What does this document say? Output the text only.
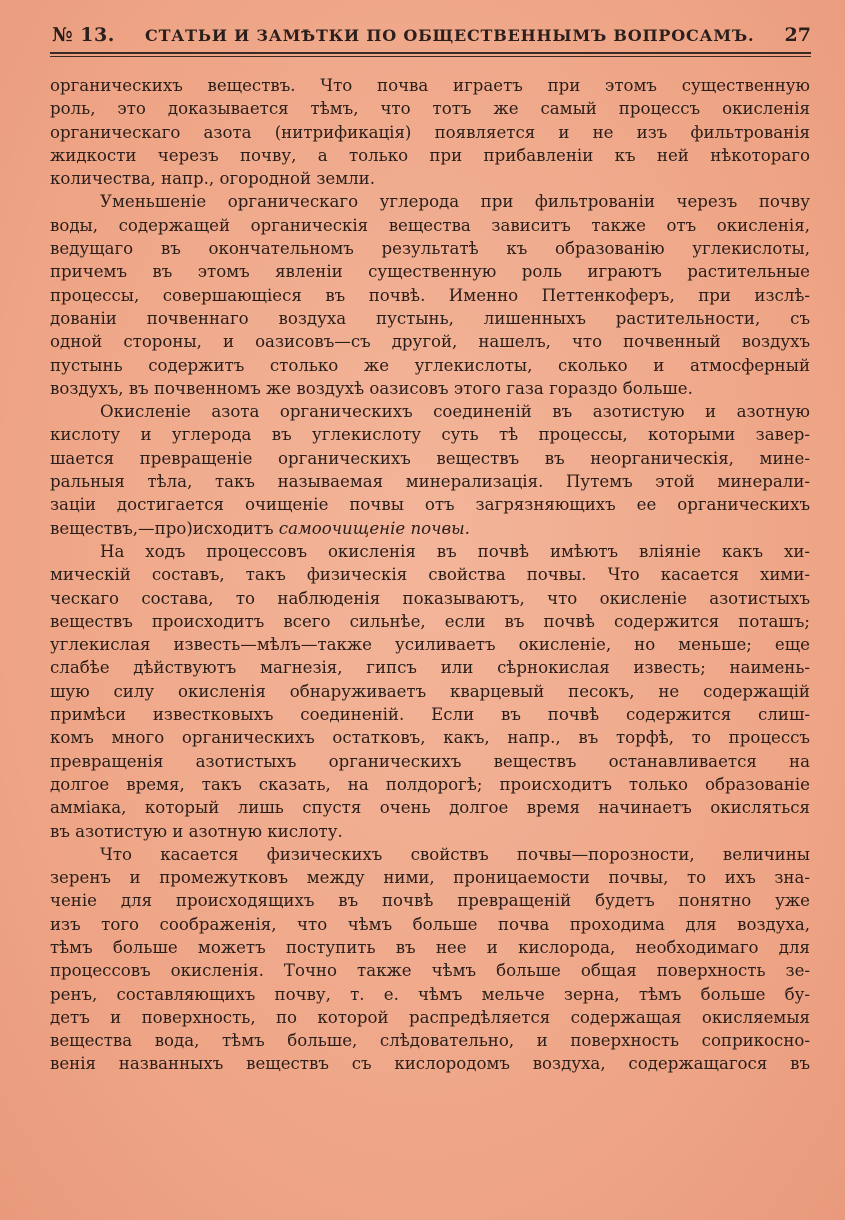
№ 13. СТАТЬИ И ЗАМѢТКИ ПО ОБЩЕСТВЕННЫМЪ ВОПРОСАМЪ. 27
органическихъ веществъ. Что почва играетъ при этомъ существенную
роль, это доказывается тѣмъ, что тотъ же самый процессъ окисленія
органическаго азота (нитрификація) появляется и не изъ фильтрованія
жидкости черезъ почву, а только при прибавленіи къ ней нѣкотораго
количества, напр., огородной земли.
Уменьшеніе органическаго углерода при фильтрованіи черезъ почву
воды, содержащей органическія вещества зависитъ также отъ окисленія,
ведущаго въ окончательномъ результатѣ къ образованію углекислоты,
причемъ въ этомъ явленіи существенную роль играютъ растительные
процессы, совершающіеся въ почвѣ. Именно Петтенкоферъ, при изслѣ-
дованіи почвеннаго воздуха пустынь, лишенныхъ растительности, съ
одной стороны, и оазисовъ—съ другой, нашелъ, что почвенный воздухъ
пустынь содержитъ столько же углекислоты, сколько и атмосферный
воздухъ, въ почвенномъ же воздухѣ оазисовъ этого газа гораздо больше.
Окисленіе азота органическихъ соединеній въ азотистую и азотную
кислоту и углерода въ углекислоту суть тѣ процессы, которыми завер-
шается превращеніе органическихъ веществъ въ неорганическія, мине-
ральныя тѣла, такъ называемая минерализація. Путемъ этой минерали-
заціи достигается очищеніе почвы отъ загрязняющихъ ее органическихъ
веществъ,—про)исходитъ самоочищеніе почвы.
На ходъ процессовъ окисленія въ почвѣ имѣютъ вліяніе какъ хи-
мическій составъ, такъ физическія свойства почвы. Что касается хими-
ческаго состава, то наблюденія показываютъ, что окисленіе азотистыхъ
веществъ происходитъ всего сильнѣе, если въ почвѣ содержится поташъ;
углекислая известь—мѣлъ—также усиливаетъ окисленіе, но меньше; еще
слабѣе дѣйствуютъ магнезія, гипсъ или сѣрнокислая известь; наимень-
шую силу окисленія обнаруживаетъ кварцевый песокъ, не содержащій
примѣси известковыхъ соединеній. Если въ почвѣ содержится слиш-
комъ много органическихъ остатковъ, какъ, напр., въ торфѣ, то процессъ
превращенія азотистыхъ органическихъ веществъ останавливается на
долгое время, такъ сказать, на полдорогѣ; происходитъ только образованіе
амміака, который лишь спустя очень долгое время начинаетъ окисляться
въ азотистую и азотную кислоту.
Что касается физическихъ свойствъ почвы—порозности, величины
зеренъ и промежутковъ между ними, проницаемости почвы, то ихъ зна-
ченіе для происходящихъ въ почвѣ превращеній будетъ понятно уже
изъ того соображенія, что чѣмъ больше почва проходима для воздуха,
тѣмъ больше можетъ поступить въ нее и кислорода, необходимаго для
процессовъ окисленія. Точно также чѣмъ больше общая поверхность зе-
ренъ, составляющихъ почву, т. е. чѣмъ мельче зерна, тѣмъ больше бу-
детъ и поверхность, по которой распредѣляется содержащая окисляемыя
вещества вода, тѣмъ больше, слѣдовательно, и поверхность соприкосно-
венія названныхъ веществъ съ кислородомъ воздуха, содержащагося въ
